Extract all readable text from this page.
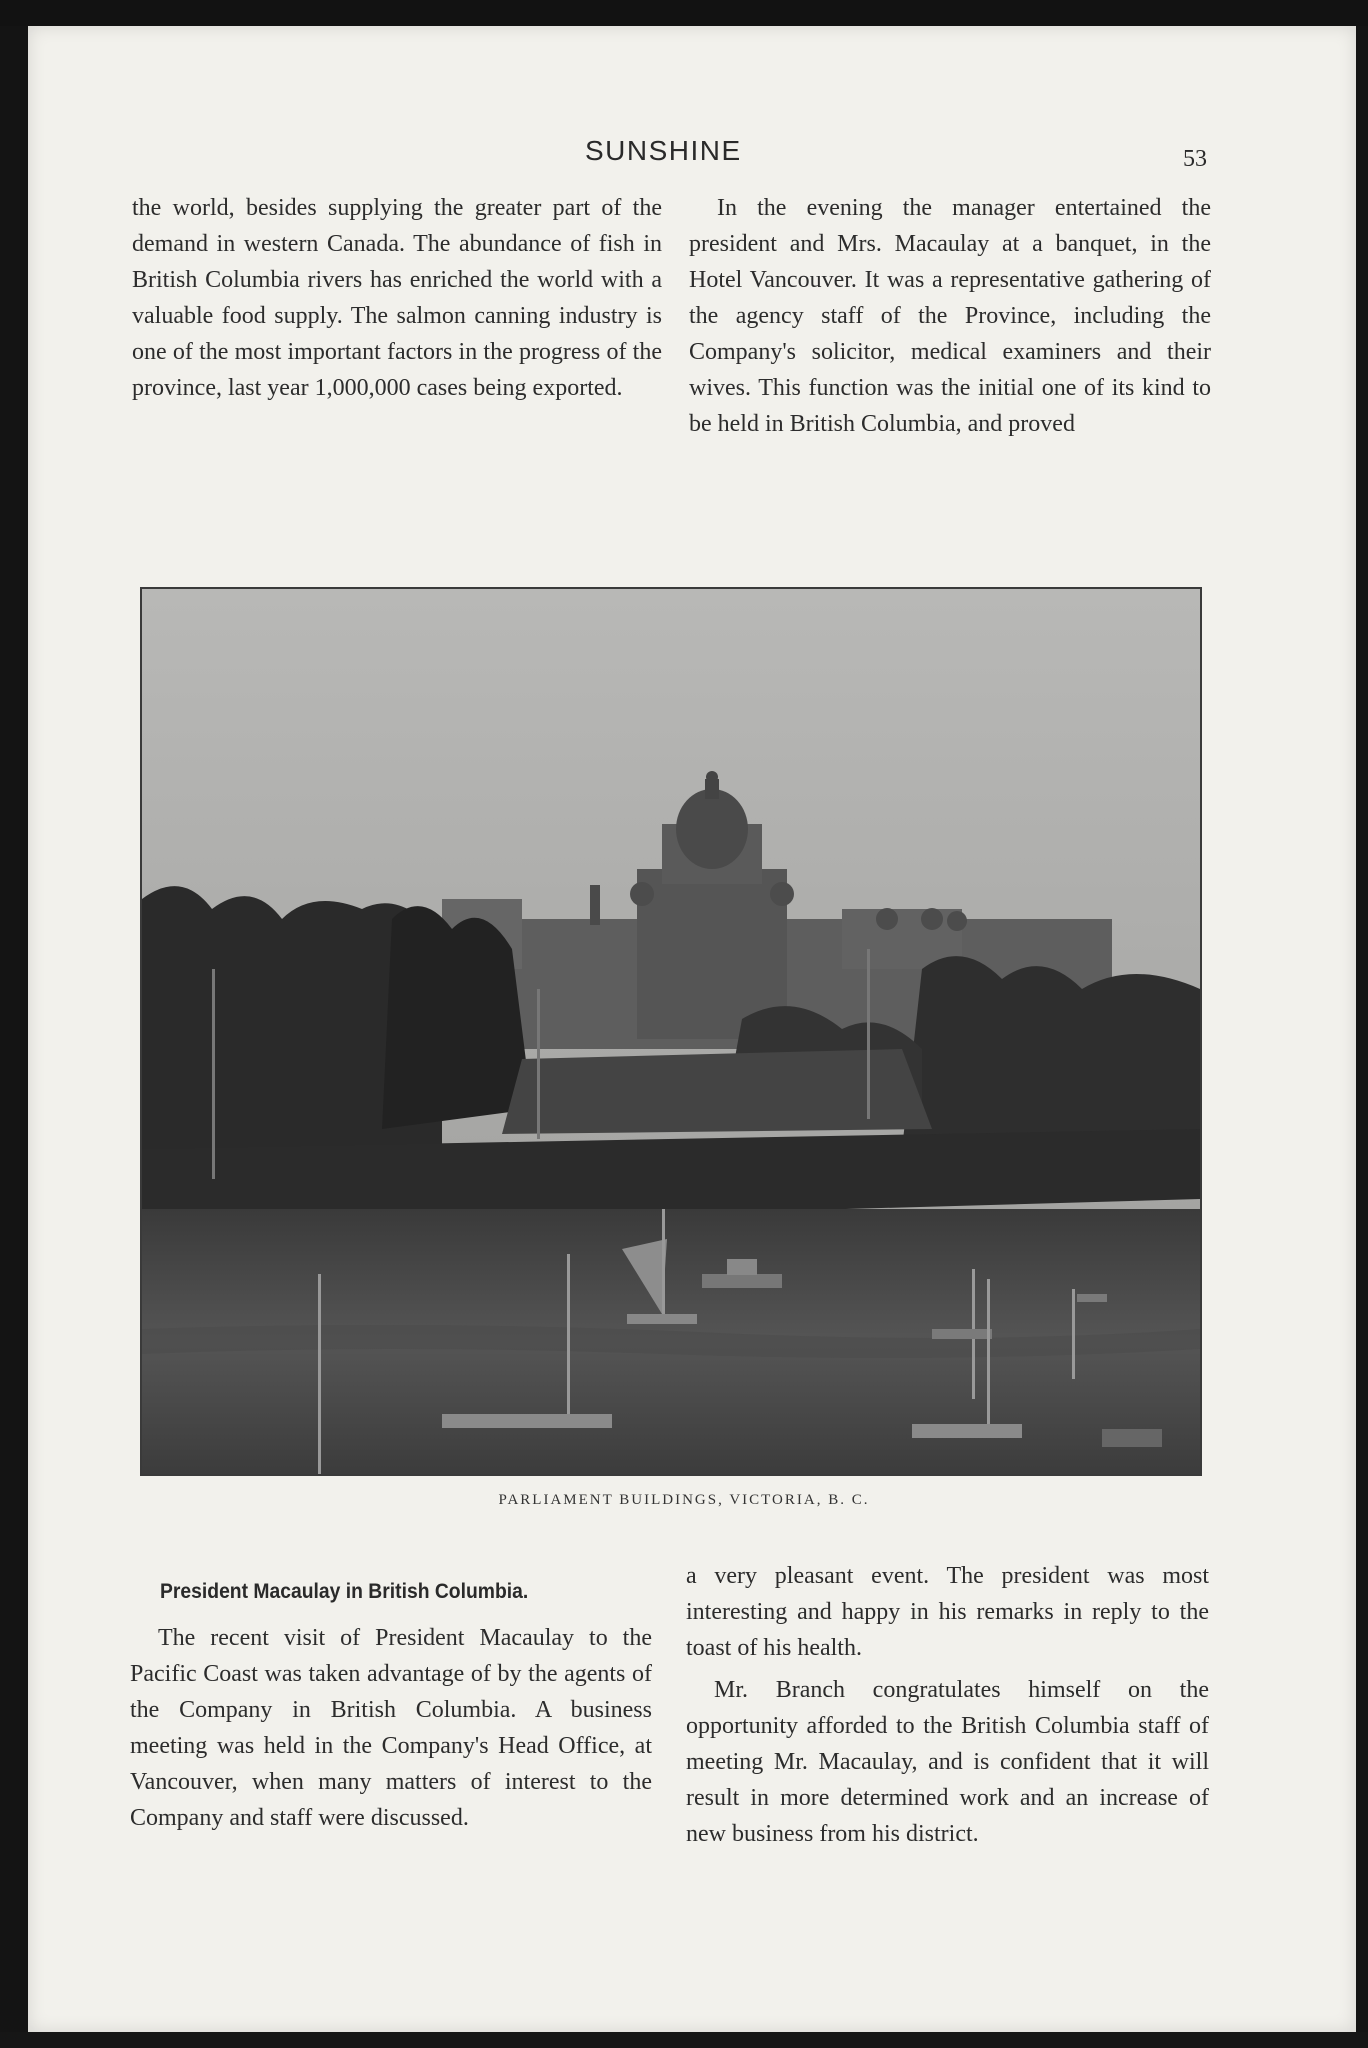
SUNSHINE	53

the world, besides supplying the greater part of the demand in western Canada. The abundance of fish in British Columbia rivers has enriched the world with a valuable food supply. The salmon canning industry is one of the most important factors in the progress of the province, last year 1,000,000 cases being exported.

In the evening the manager entertained the president and Mrs. Macaulay at a banquet, in the Hotel Vancouver. It was a representative gathering of the agency staff of the Province, including the Company's solicitor, medical examiners and their wives. This function was the initial one of its kind to be held in British Columbia, and proved

PARLIAMENT BUILDINGS, VICTORIA, B. C.
President Macaulay in British Columbia.

The recent visit of President Macaulay to the Pacific Coast was taken advantage of by the agents of the Company in British Columbia. A business meeting was held in the Company's Head Office, at Vancouver, when many matters of interest to the Company and staff were discussed.

a very pleasant event. The president was most interesting and happy in his remarks in reply to the toast of his health.

Mr. Branch congratulates himself on the opportunity afforded to the British Columbia staff of meeting Mr. Macaulay, and is confident that it will result in more determined work and an increase of new business from his district.
